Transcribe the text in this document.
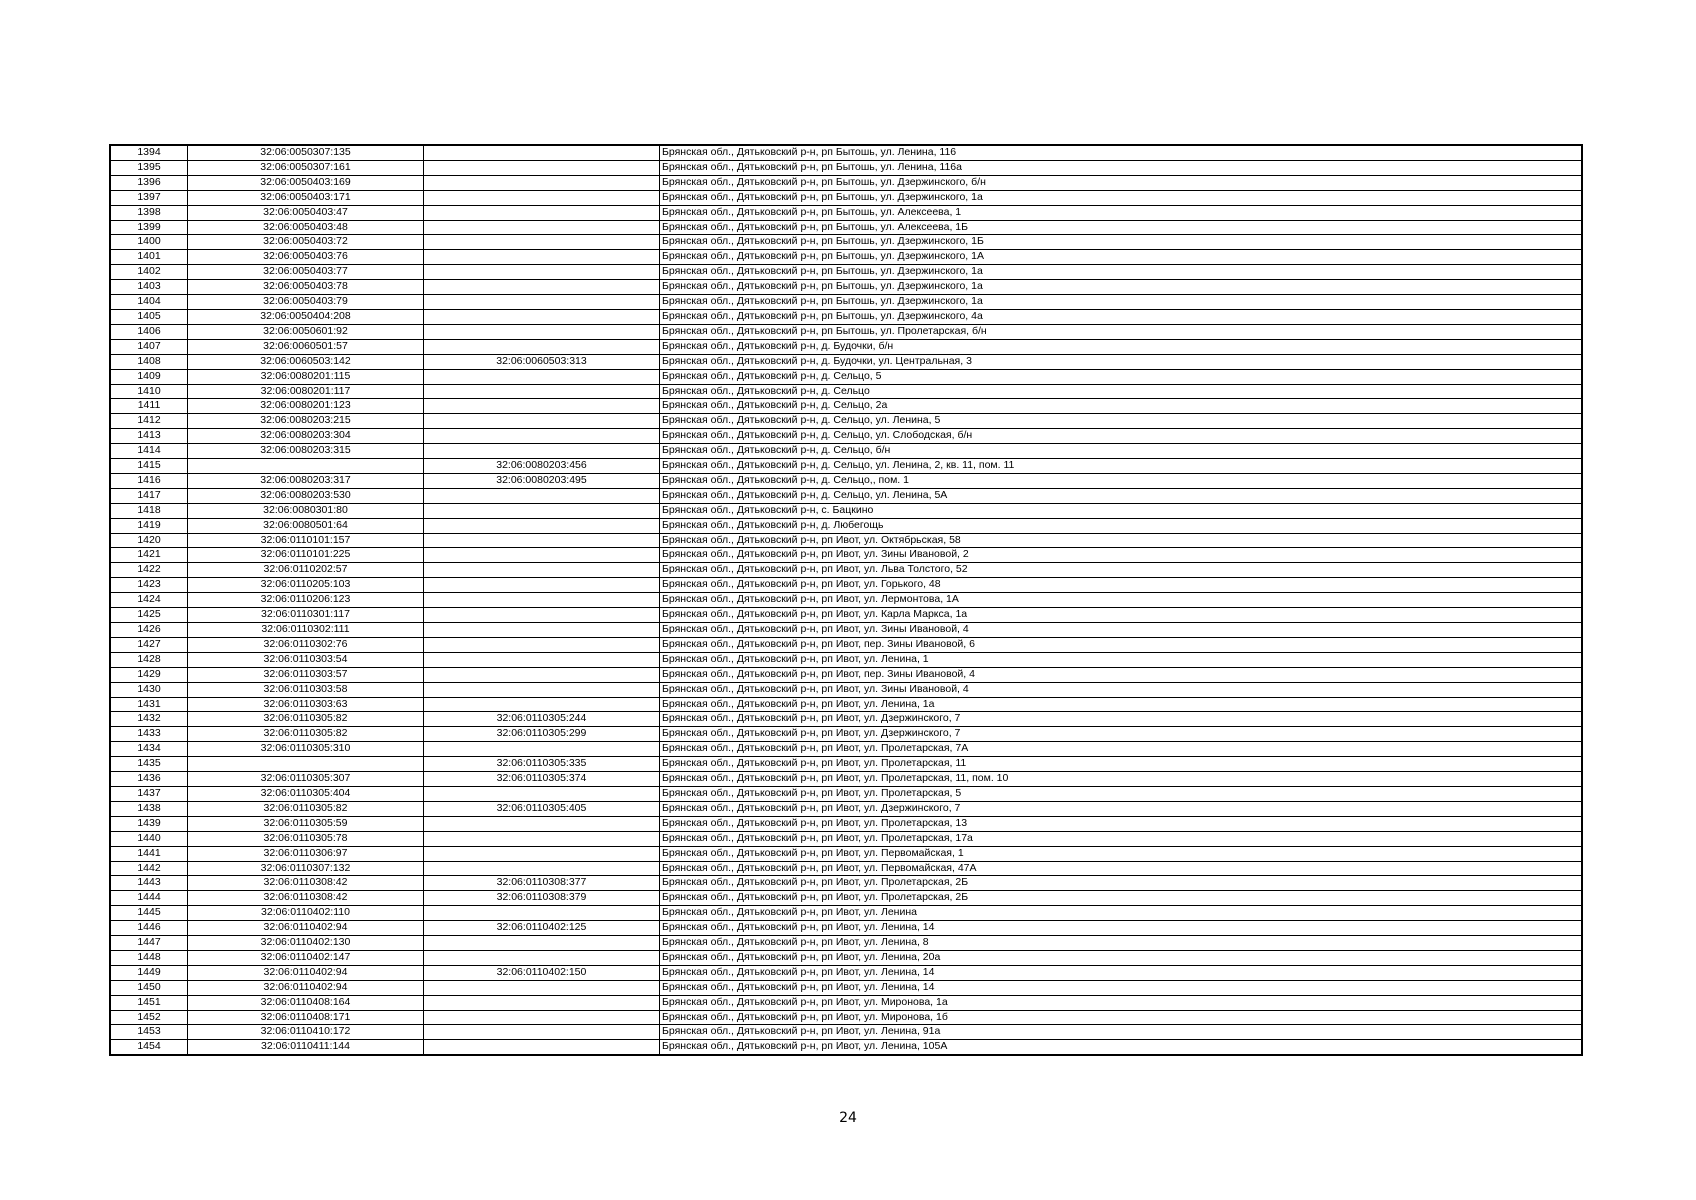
1394	32:06:0050307:135		Брянская обл., Дятьковский р-н, рп Бытошь, ул. Ленина, 116
1395	32:06:0050307:161		Брянская обл., Дятьковский р-н, рп Бытошь, ул. Ленина, 116а
1396	32:06:0050403:169		Брянская обл., Дятьковский р-н, рп Бытошь, ул. Дзержинского, б/н
1397	32:06:0050403:171		Брянская обл., Дятьковский р-н, рп Бытошь, ул. Дзержинского, 1а
1398	32:06:0050403:47		Брянская обл., Дятьковский р-н, рп Бытошь, ул. Алексеева, 1
1399	32:06:0050403:48		Брянская обл., Дятьковский р-н, рп Бытошь, ул. Алексеева, 1Б
1400	32:06:0050403:72		Брянская обл., Дятьковский р-н, рп Бытошь, ул. Дзержинского, 1Б
1401	32:06:0050403:76		Брянская обл., Дятьковский р-н, рп Бытошь, ул. Дзержинского, 1А
1402	32:06:0050403:77		Брянская обл., Дятьковский р-н, рп Бытошь, ул. Дзержинского, 1а
1403	32:06:0050403:78		Брянская обл., Дятьковский р-н, рп Бытошь, ул. Дзержинского, 1а
1404	32:06:0050403:79		Брянская обл., Дятьковский р-н, рп Бытошь, ул. Дзержинского, 1а
1405	32:06:0050404:208		Брянская обл., Дятьковский р-н, рп Бытошь, ул. Дзержинского, 4а
1406	32:06:0050601:92		Брянская обл., Дятьковский р-н, рп Бытошь, ул. Пролетарская, б/н
1407	32:06:0060501:57		Брянская обл., Дятьковский р-н, д. Будочки, б/н
1408	32:06:0060503:142	32:06:0060503:313	Брянская обл., Дятьковский р-н, д. Будочки, ул. Центральная, 3
1409	32:06:0080201:115		Брянская обл., Дятьковский р-н, д. Сельцо, 5
1410	32:06:0080201:117		Брянская обл., Дятьковский р-н, д. Сельцо
1411	32:06:0080201:123		Брянская обл., Дятьковский р-н, д. Сельцо, 2а
1412	32:06:0080203:215		Брянская обл., Дятьковский р-н, д. Сельцо, ул. Ленина, 5
1413	32:06:0080203:304		Брянская обл., Дятьковский р-н, д. Сельцо, ул. Слободская, б/н
1414	32:06:0080203:315		Брянская обл., Дятьковский р-н, д. Сельцо, б/н
1415		32:06:0080203:456	Брянская обл., Дятьковский р-н, д. Сельцо, ул. Ленина, 2, кв. 11, пом. 11
1416	32:06:0080203:317	32:06:0080203:495	Брянская обл., Дятьковский р-н, д. Сельцо,, пом. 1
1417	32:06:0080203:530		Брянская обл., Дятьковский р-н, д. Сельцо, ул. Ленина, 5А
1418	32:06:0080301:80		Брянская обл., Дятьковский р-н, с. Бацкино
1419	32:06:0080501:64		Брянская обл., Дятьковский р-н, д. Любегощь
1420	32:06:0110101:157		Брянская обл., Дятьковский р-н, рп Ивот, ул. Октябрьская, 58
1421	32:06:0110101:225		Брянская обл., Дятьковский р-н, рп Ивот, ул. Зины Ивановой, 2
1422	32:06:0110202:57		Брянская обл., Дятьковский р-н, рп Ивот, ул. Льва Толстого, 52
1423	32:06:0110205:103		Брянская обл., Дятьковский р-н, рп Ивот, ул. Горького, 48
1424	32:06:0110206:123		Брянская обл., Дятьковский р-н, рп Ивот, ул. Лермонтова, 1А
1425	32:06:0110301:117		Брянская обл., Дятьковский р-н, рп Ивот, ул. Карла Маркса, 1а
1426	32:06:0110302:111		Брянская обл., Дятьковский р-н, рп Ивот, ул. Зины Ивановой, 4
1427	32:06:0110302:76		Брянская обл., Дятьковский р-н, рп Ивот, пер. Зины Ивановой, 6
1428	32:06:0110303:54		Брянская обл., Дятьковский р-н, рп Ивот, ул. Ленина, 1
1429	32:06:0110303:57		Брянская обл., Дятьковский р-н, рп Ивот, пер. Зины Ивановой, 4
1430	32:06:0110303:58		Брянская обл., Дятьковский р-н, рп Ивот, ул. Зины Ивановой, 4
1431	32:06:0110303:63		Брянская обл., Дятьковский р-н, рп Ивот, ул. Ленина, 1а
1432	32:06:0110305:82	32:06:0110305:244	Брянская обл., Дятьковский р-н, рп Ивот, ул. Дзержинского, 7
1433	32:06:0110305:82	32:06:0110305:299	Брянская обл., Дятьковский р-н, рп Ивот, ул. Дзержинского, 7
1434	32:06:0110305:310		Брянская обл., Дятьковский р-н, рп Ивот, ул. Пролетарская, 7А
1435		32:06:0110305:335	Брянская обл., Дятьковский р-н, рп Ивот, ул. Пролетарская, 11
1436	32:06:0110305:307	32:06:0110305:374	Брянская обл., Дятьковский р-н, рп Ивот, ул. Пролетарская, 11, пом. 10
1437	32:06:0110305:404		Брянская обл., Дятьковский р-н, рп Ивот, ул. Пролетарская, 5
1438	32:06:0110305:82	32:06:0110305:405	Брянская обл., Дятьковский р-н, рп Ивот, ул. Дзержинского, 7
1439	32:06:0110305:59		Брянская обл., Дятьковский р-н, рп Ивот, ул. Пролетарская, 13
1440	32:06:0110305:78		Брянская обл., Дятьковский р-н, рп Ивот, ул. Пролетарская, 17а
1441	32:06:0110306:97		Брянская обл., Дятьковский р-н, рп Ивот, ул. Первомайская, 1
1442	32:06:0110307:132		Брянская обл., Дятьковский р-н, рп Ивот, ул. Первомайская, 47А
1443	32:06:0110308:42	32:06:0110308:377	Брянская обл., Дятьковский р-н, рп Ивот, ул. Пролетарская, 2Б
1444	32:06:0110308:42	32:06:0110308:379	Брянская обл., Дятьковский р-н, рп Ивот, ул. Пролетарская, 2Б
1445	32:06:0110402:110		Брянская обл., Дятьковский р-н, рп Ивот, ул. Ленина
1446	32:06:0110402:94	32:06:0110402:125	Брянская обл., Дятьковский р-н, рп Ивот, ул. Ленина, 14
1447	32:06:0110402:130		Брянская обл., Дятьковский р-н, рп Ивот, ул. Ленина, 8
1448	32:06:0110402:147		Брянская обл., Дятьковский р-н, рп Ивот, ул. Ленина, 20а
1449	32:06:0110402:94	32:06:0110402:150	Брянская обл., Дятьковский р-н, рп Ивот, ул. Ленина, 14
1450	32:06:0110402:94		Брянская обл., Дятьковский р-н, рп Ивот, ул. Ленина, 14
1451	32:06:0110408:164		Брянская обл., Дятьковский р-н, рп Ивот, ул. Миронова, 1а
1452	32:06:0110408:171		Брянская обл., Дятьковский р-н, рп Ивот, ул. Миронова, 1б
1453	32:06:0110410:172		Брянская обл., Дятьковский р-н, рп Ивот, ул. Ленина, 91а
1454	32:06:0110411:144		Брянская обл., Дятьковский р-н, рп Ивот, ул. Ленина, 105А
24
